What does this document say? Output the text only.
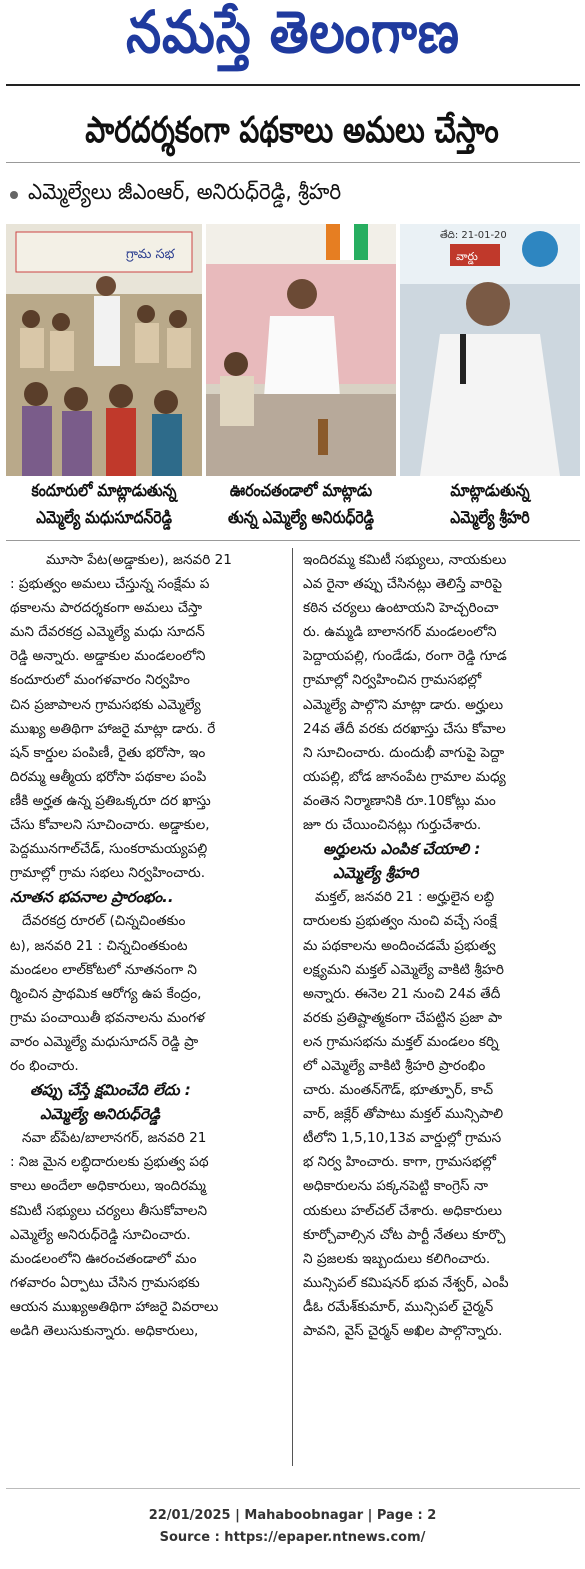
నమస్తే తెలంగాణ
పారదర్శకంగా పథకాలు అమలు చేస్తాం
ఎమ్మెల్యేలు జీఎంఆర్, అనిరుధ్‌రెడ్డి, శ్రీహరి
గ్రామ సభ
తేది: 21-01-20
వార్డు
కందూరులో మాట్లాడుతున్న
ఎమ్మెల్యే మధుసూదన్‌రెడ్డి
ఊరంచతండాలో మాట్లాడు
తున్న ఎమ్మెల్యే అనిరుధ్‌రెడ్డి
మాట్లాడుతున్న
ఎమ్మెల్యే శ్రీహరి

మూసా పేట(అడ్డాకుల), జనవరి 21

: ప్రభుత్వం అమలు చేస్తున్న సంక్షేమ ప

థకాలను పారదర్శకంగా అమలు చేస్తా

మని దేవరకద్ర ఎమ్మెల్యే మధు సూదన్

రెడ్డి అన్నారు. అడ్డాకుల మండలంలోని

కందూరులో మంగళవారం నిర్వహిం

చిన ప్రజాపాలన గ్రామసభకు ఎమ్మెల్యే

ముఖ్య అతిథిగా హాజరై మాట్లా డారు. రే

షన్ కార్డుల పంపిణీ, రైతు భరోసా, ఇం

దిరమ్మ ఆత్మీయ భరోసా పథకాల పంపి

ణీకి అర్హత ఉన్న ప్రతిఒక్కరూ దర ఖాస్తు

చేసు కోవాలని సూచించారు. అడ్డాకుల,

పెద్దమునగాల్‌చేడ్, సుంకరామయ్యపల్లి

గ్రామాల్లో గ్రామ సభలు నిర్వహించారు.

నూతన భవనాల ప్రారంభం..

దేవరకద్ర రూరల్ (చిన్నచింతకుం

ట), జనవరి 21 : చిన్నచింతకుంట

మండలం లాల్‌కోటలో నూతనంగా ని

ర్మించిన ప్రాథమిక ఆరోగ్య ఉప కేంద్రం,

గ్రామ పంచాయితీ భవనాలను మంగళ

వారం ఎమ్మెల్యే మధుసూదన్ రెడ్డి ప్రా

రం భించారు.

తప్పు చేస్తే క్షమించేది లేదు :

ఎమ్మెల్యే అనిరుధ్‌రెడ్డి

నవా బ్‌పేట/బాలానగర్, జనవరి 21

: నిజ మైన లబ్ధిదారులకు ప్రభుత్వ పథ

కాలు అందేలా అధికారులు, ఇందిరమ్మ

కమిటీ సభ్యులు చర్యలు తీసుకోవాలని

ఎమ్మెల్యే అనిరుధ్‌రెడ్డి సూచించారు.

మండలంలోని ఊరంచతండాలో మం

గళవారం ఏర్పాటు చేసిన గ్రామసభకు

ఆయన ముఖ్యఅతిథిగా హాజరై వివరాలు

అడిగి తెలుసుకున్నారు. అధికారులు,

ఇందిరమ్మ కమిటీ సభ్యులు, నాయకులు

ఎవ రైనా తప్పు చేసినట్లు తెలిస్తే వారిపై

కఠిన చర్యలు ఉంటాయని హెచ్చరించా

రు. ఉమ్మడి బాలానగర్ మండలంలోని

పెద్దాయపల్లి, గుండేడు, రంగా రెడ్డి గూడ

గ్రామాల్లో నిర్వహించిన గ్రామసభల్లో

ఎమ్మెల్యే పాల్గొని మాట్లా డారు. అర్హులు

24వ తేదీ వరకు దరఖాస్తు చేసు కోవాల

ని సూచించారు. దుందుభీ వాగుపై పెద్దా

యపల్లి, బోడ జానంపేట గ్రామాల మధ్య

వంతెన నిర్మాణానికి రూ.10కోట్లు మం

జూ రు చేయించినట్లు గుర్తుచేశారు.

అర్హులను ఎంపిక చేయాలి :

ఎమ్మెల్యే శ్రీహరి

మక్తల్, జనవరి 21 : అర్హులైన లబ్ధి

దారులకు ప్రభుత్వం నుంచి వచ్చే సంక్షే

మ పథకాలను అందించడమే ప్రభుత్వ

లక్ష్యమని మక్తల్ ఎమ్మెల్యే వాకిటి శ్రీహరి

అన్నారు. ఈనెల 21 నుంచి 24వ తేదీ

వరకు ప్రతిష్టాత్మకంగా చేపట్టిన ప్రజా పా

లన గ్రామసభను మక్తల్ మండలం కర్ని

లో ఎమ్మెల్యే వాకిటి శ్రీహరి ప్రారంభిం

చారు. మంతన్‌గౌడ్, భూత్పూర్, కాచ్

వార్, జక్లేర్ తోపాటు మక్తల్ మున్సిపాలి

టీలోని 1,5,10,13వ వార్డుల్లో గ్రామస

భ నిర్వ హించారు. కాగా, గ్రామసభల్లో

అధికారులను పక్కనపెట్టి కాంగ్రెస్ నా

యకులు హల్‌చల్ చేశారు. అధికారులు

కూర్చోవాల్సిన చోట పార్టీ నేతలు కూర్చొ

ని ప్రజలకు ఇబ్బందులు కలిగించారు.

మున్సిపల్ కమిషనర్ భువ నేశ్వర్, ఎంపీ

డీఓ రమేశ్‌కుమార్, మున్సిపల్ చైర్మన్

పావని, వైస్ చైర్మన్ అఖిల పాల్గొన్నారు.

22/01/2025 | Mahaboobnagar | Page : 2
Source : https://epaper.ntnews.com/
